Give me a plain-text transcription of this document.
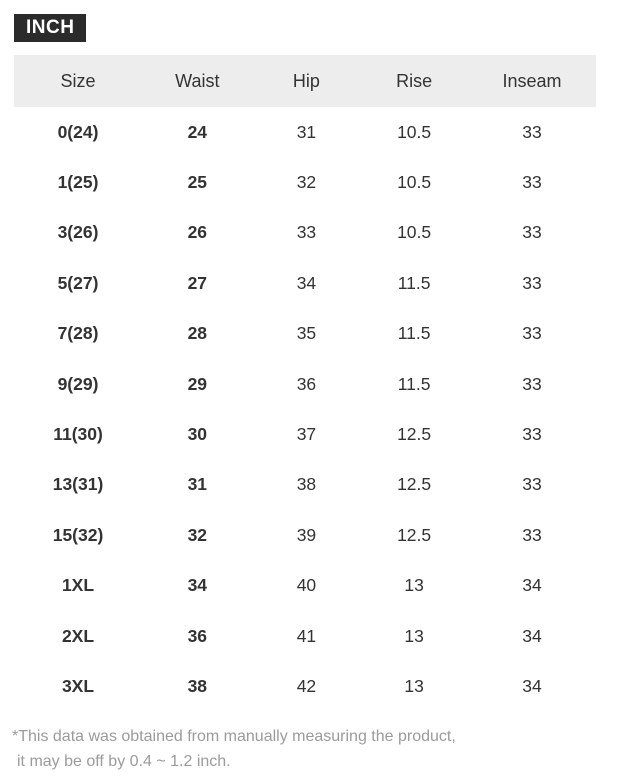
INCH
Size	Waist	Hip	Rise	Inseam
0(24)	24	31	10.5	33
1(25)	25	32	10.5	33
3(26)	26	33	10.5	33
5(27)	27	34	11.5	33
7(28)	28	35	11.5	33
9(29)	29	36	11.5	33
11(30)	30	37	12.5	33
13(31)	31	38	12.5	33
15(32)	32	39	12.5	33
1XL	34	40	13	34
2XL	36	41	13	34
3XL	38	42	13	34

*This data was obtained from manually measuring the product,
it may be off by 0.4 ~ 1.2 inch.
